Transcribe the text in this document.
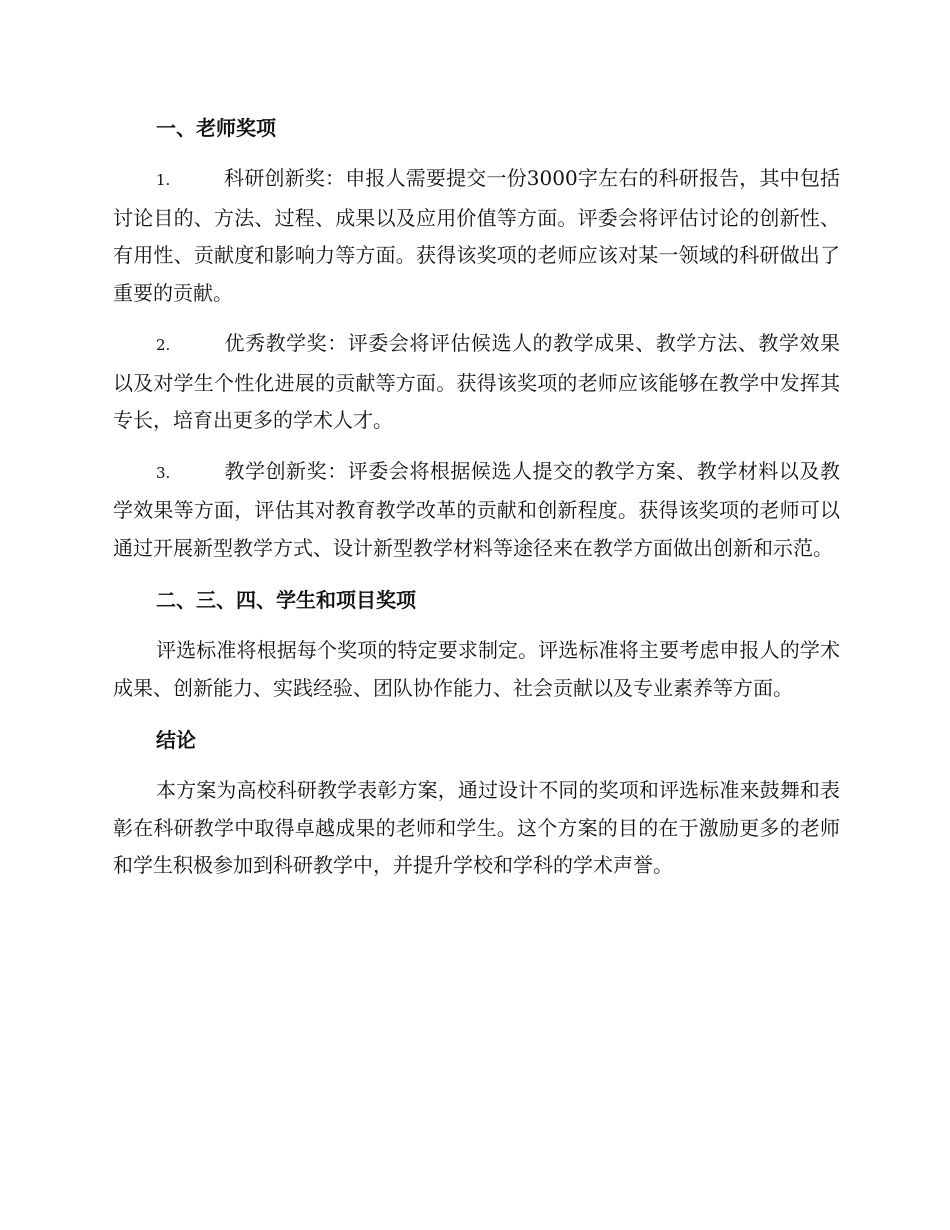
一、老师奖项
1.	科研创新奖：申报人需要提交一份3000字左右的科研报告，其中包括讨论目的、方法、过程、成果以及应用价值等方面。评委会将评估讨论的创新性、有用性、贡献度和影响力等方面。获得该奖项的老师应该对某一领域的科研做出了重要的贡献。
2.	优秀教学奖：评委会将评估候选人的教学成果、教学方法、教学效果以及对学生个性化进展的贡献等方面。获得该奖项的老师应该能够在教学中发挥其专长，培育出更多的学术人才。
3.	教学创新奖：评委会将根据候选人提交的教学方案、教学材料以及教学效果等方面，评估其对教育教学改革的贡献和创新程度。获得该奖项的老师可以通过开展新型教学方式、设计新型教学材料等途径来在教学方面做出创新和示范。
二、三、四、学生和项目奖项
评选标准将根据每个奖项的特定要求制定。评选标准将主要考虑申报人的学术成果、创新能力、实践经验、团队协作能力、社会贡献以及专业素养等方面。
结论
本方案为高校科研教学表彰方案，通过设计不同的奖项和评选标准来鼓舞和表彰在科研教学中取得卓越成果的老师和学生。这个方案的目的在于激励更多的老师和学生积极参加到科研教学中，并提升学校和学科的学术声誉。
